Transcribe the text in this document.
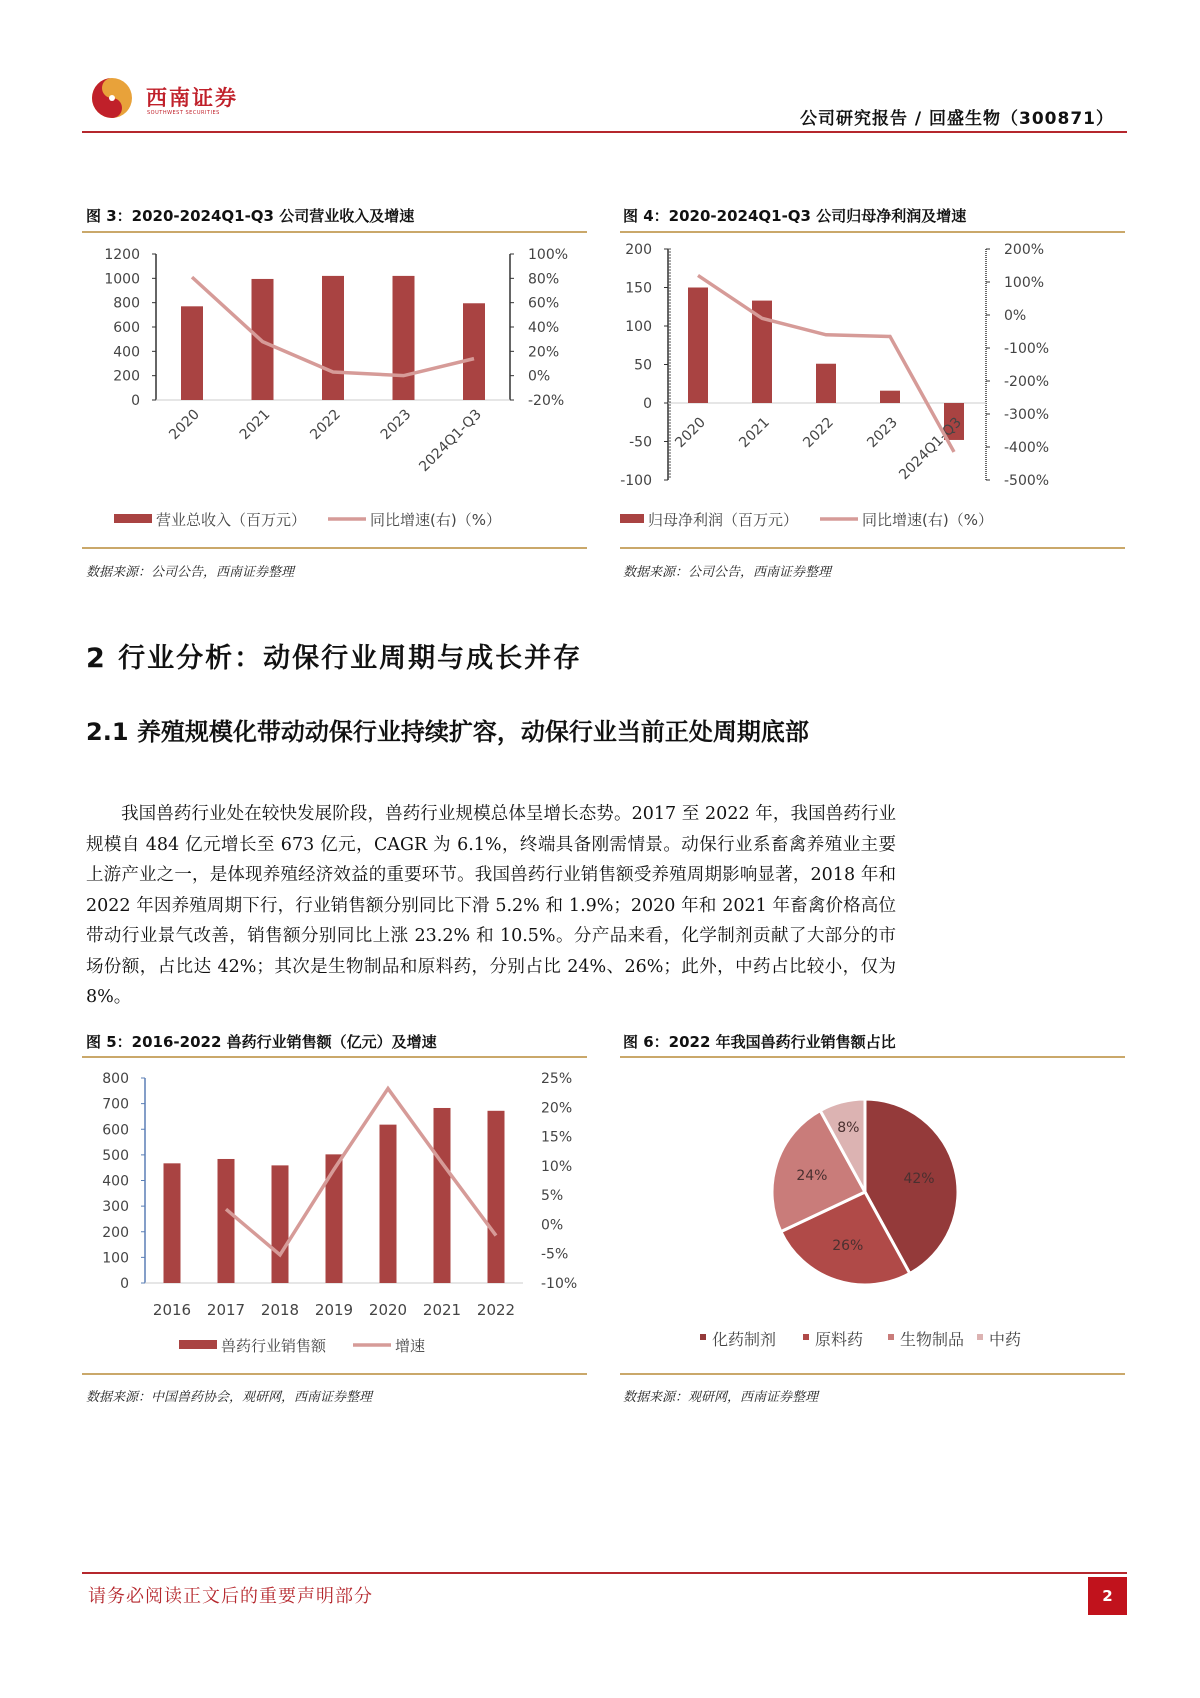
西南证券
SOUTHWEST SECURITIES	公司研究报告 / 回盛生物（300871）
图 3：2020-2024Q1-Q3 公司营业收入及增速
1200
1000
800
600
400
200
0
100%
80%
60%
40%
20%
0%
-20%
2020 2021 2022 2023 2024Q1-Q3
营业总收入（百万元）	同比增速(右)（%）
数据来源：公司公告，西南证券整理
图 4：2020-2024Q1-Q3 公司归母净利润及增速
200
150
100
50
0
-50
-100
200%
100%
0%
-100%
-200%
-300%
-400%
-500%
2020 2021 2022 2023
2024Q1-Q3
归母净利润（百万元）	同比增速(右)（%）
数据来源：公司公告，西南证券整理
2 行业分析：动保行业周期与成长并存
2.1 养殖规模化带动动保行业持续扩容，动保行业当前正处周期底部
我国兽药行业处在较快发展阶段，兽药行业规模总体呈增长态势。2017 至 2022 年，我国兽药行业规模自 484 亿元增长至 673 亿元，CAGR 为 6.1%，终端具备刚需情景。动保行业系畜禽养殖业主要上游产业之一，是体现养殖经济效益的重要环节。我国兽药行业销售额受养殖周期影响显著，2018 年和 2022 年因养殖周期下行，行业销售额分别同比下滑 5.2% 和 1.9%；2020 年和 2021 年畜禽价格高位带动行业景气改善，销售额分别同比上涨 23.2% 和 10.5%。分产品来看，化学制剂贡献了大部分的市场份额，占比达 42%；其次是生物制品和原料药，分别占比 24%、26%；此外，中药占比较小，仅为 8%。
图 5：2016-2022 兽药行业销售额（亿元）及增速
800
700
600
500
400
300
200
100
0
25%
20%
15%
10%
5%
0%
-5%
-10%
2016 2017 2018 2019 2020 2021 2022
兽药行业销售额	增速
数据来源：中国兽药协会，观研网，西南证券整理
图 6：2022 年我国兽药行业销售额占比
42%
26%
24%
8%
化药制剂 原料药 生物制品 中药
数据来源：观研网，西南证券整理
请务必阅读正文后的重要声明部分	2
